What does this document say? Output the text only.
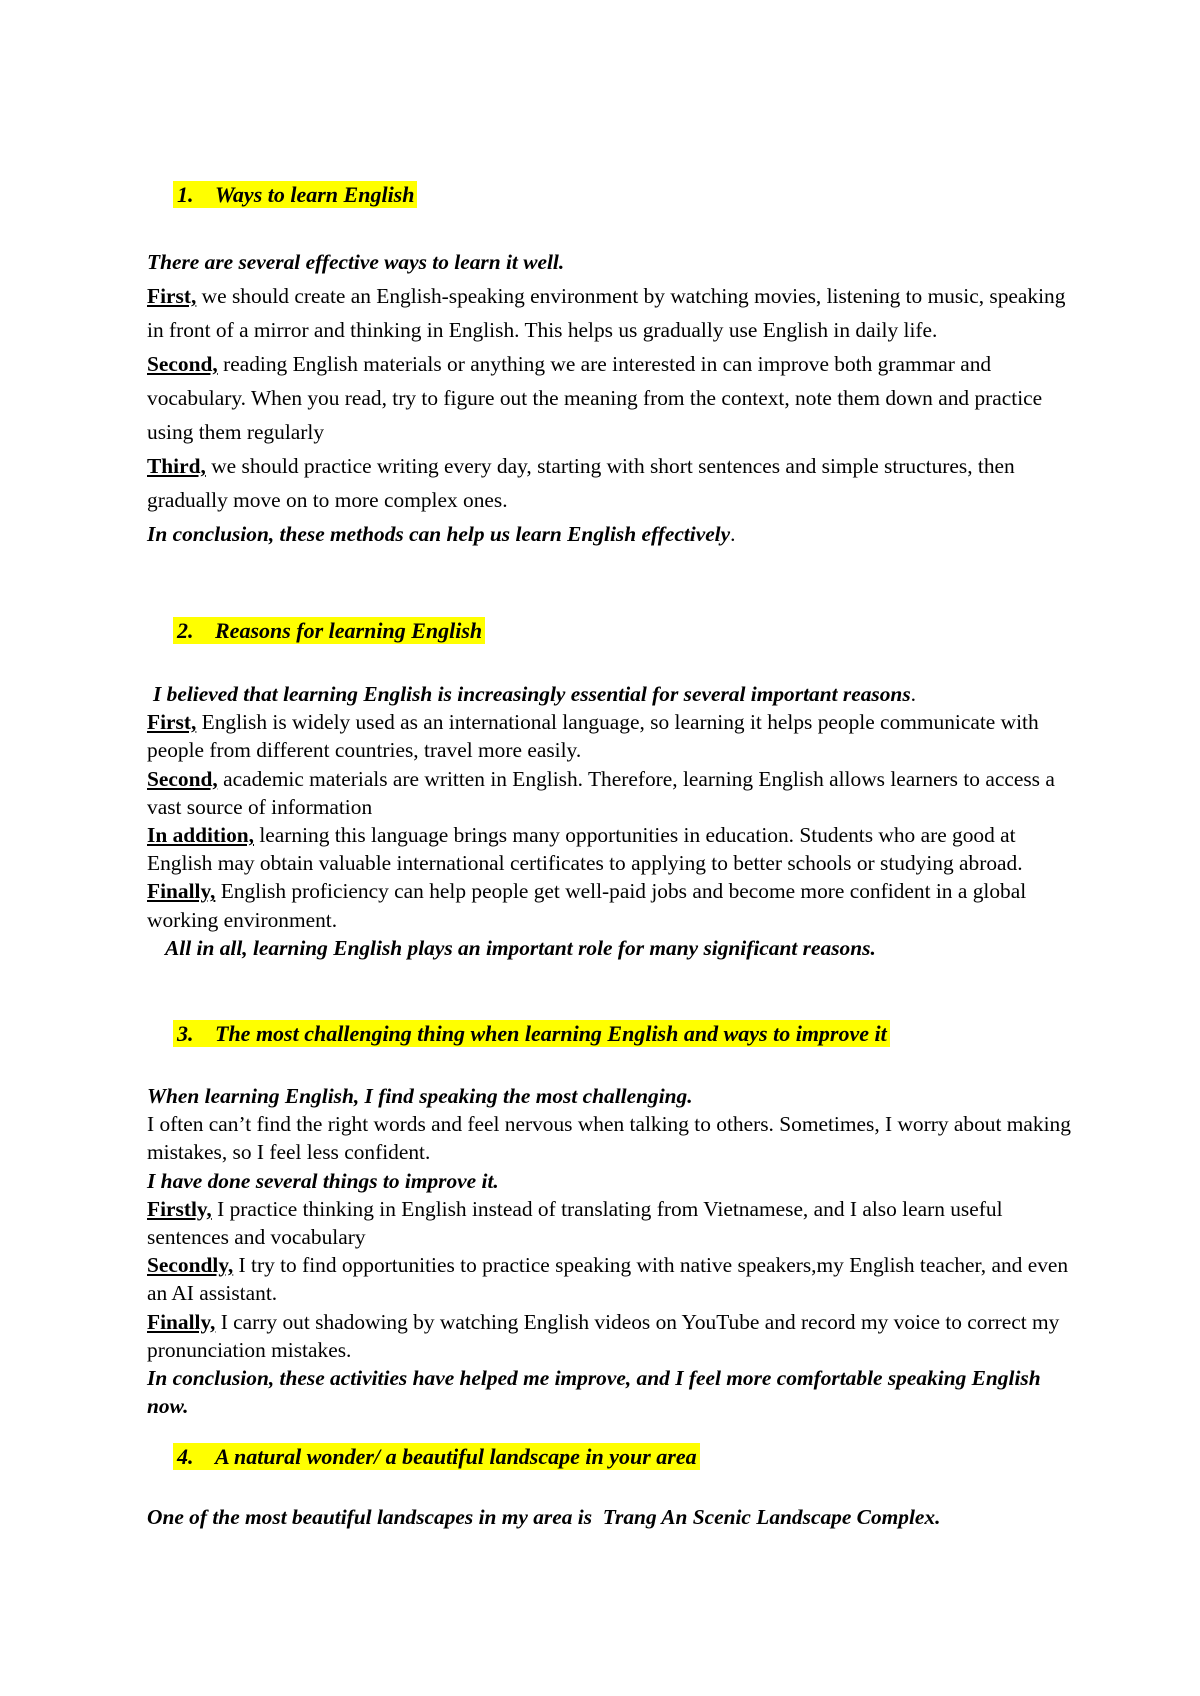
1. Ways to learn English

There are several effective ways to learn it well.

First, we should create an English-speaking environment by watching movies, listening to music, speaking in front of a mirror and thinking in English. This helps us gradually use English in daily life.

Second, reading English materials or anything we are interested in can improve both grammar and vocabulary. When you read, try to figure out the meaning from the context, note them down and practice using them regularly

Third, we should practice writing every day, starting with short sentences and simple structures, then gradually move on to more complex ones.

In conclusion, these methods can help us learn English effectively.

2. Reasons for learning English

I believed that learning English is increasingly essential for several important reasons.

First, English is widely used as an international language, so learning it helps people communicate with people from different countries, travel more easily.

Second, academic materials are written in English. Therefore, learning English allows learners to access a vast source of information

In addition, learning this language brings many opportunities in education. Students who are good at English may obtain valuable international certificates to applying to better schools or studying abroad.

Finally, English proficiency can help people get well-paid jobs and become more confident in a global working environment.

All in all, learning English plays an important role for many significant reasons.

3. The most challenging thing when learning English and ways to improve it

When learning English, I find speaking the most challenging.

I often can’t find the right words and feel nervous when talking to others. Sometimes, I worry about making mistakes, so I feel less confident.

I have done several things to improve it.

Firstly, I practice thinking in English instead of translating from Vietnamese, and I also learn useful sentences and vocabulary

Secondly, I try to find opportunities to practice speaking with native speakers,my English teacher, and even an AI assistant.

Finally, I carry out shadowing by watching English videos on YouTube and record my voice to correct my pronunciation mistakes.

In conclusion, these activities have helped me improve, and I feel more comfortable speaking English now.

4. A natural wonder/ a beautiful landscape in your area

One of the most beautiful landscapes in my area is  Trang An Scenic Landscape Complex.
